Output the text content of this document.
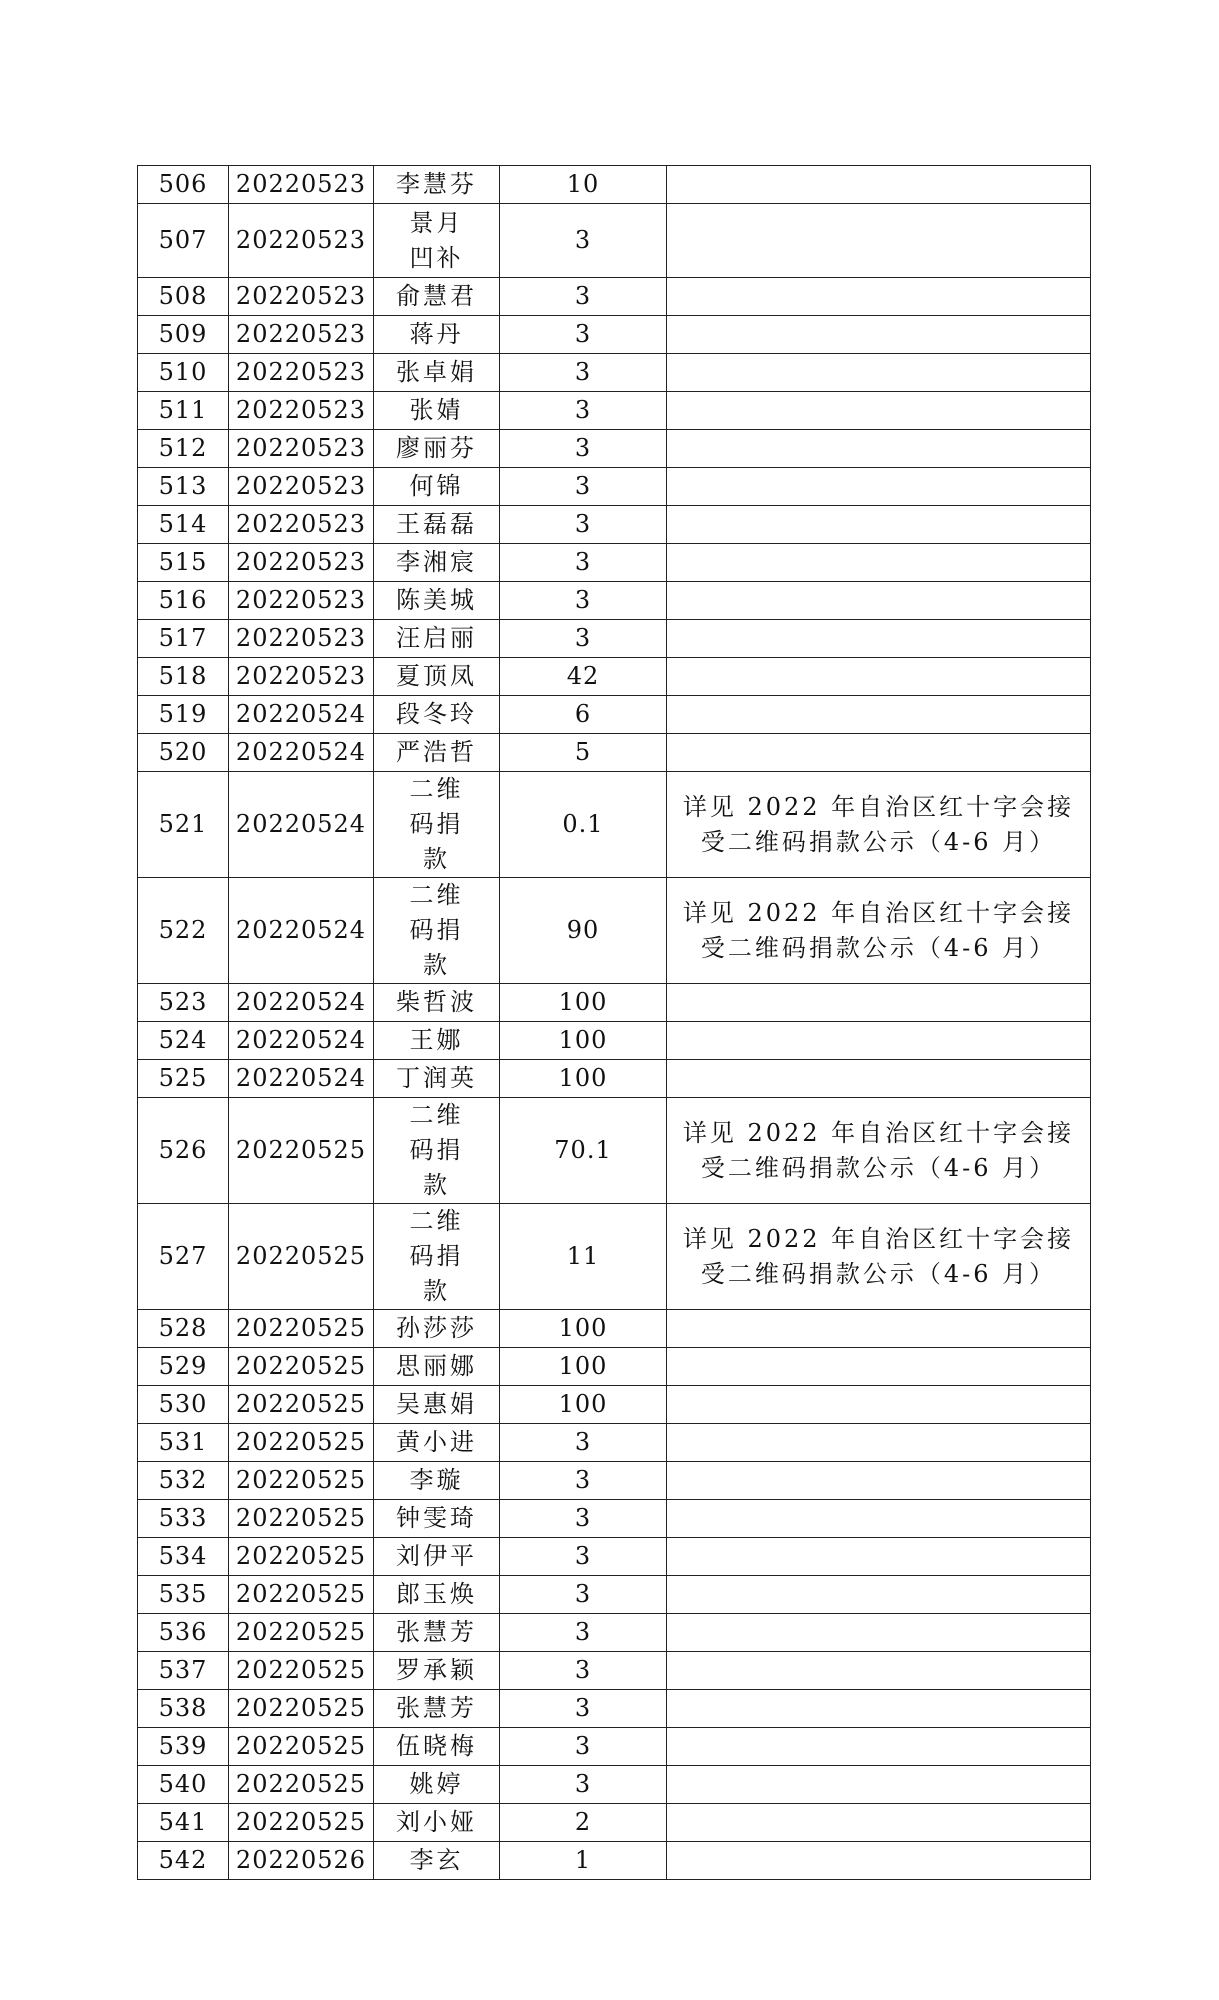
506	20220523	李慧芬	10	
507	20220523	景月凹补	3	
508	20220523	俞慧君	3	
509	20220523	蒋丹	3	
510	20220523	张卓娟	3	
511	20220523	张婧	3	
512	20220523	廖丽芬	3	
513	20220523	何锦	3	
514	20220523	王磊磊	3	
515	20220523	李湘宸	3	
516	20220523	陈美城	3	
517	20220523	汪启丽	3	
518	20220523	夏顶凤	42	
519	20220524	段冬玲	6	
520	20220524	严浩哲	5	
521	20220524	二维码捐款	0.1	详见 2022 年自治区红十字会接受二维码捐款公示（4-6 月）
522	20220524	二维码捐款	90	详见 2022 年自治区红十字会接受二维码捐款公示（4-6 月）
523	20220524	柴哲波	100	
524	20220524	王娜	100	
525	20220524	丁润英	100	
526	20220525	二维码捐款	70.1	详见 2022 年自治区红十字会接受二维码捐款公示（4-6 月）
527	20220525	二维码捐款	11	详见 2022 年自治区红十字会接受二维码捐款公示（4-6 月）
528	20220525	孙莎莎	100	
529	20220525	思丽娜	100	
530	20220525	吴惠娟	100	
531	20220525	黄小进	3	
532	20220525	李璇	3	
533	20220525	钟雯琦	3	
534	20220525	刘伊平	3	
535	20220525	郎玉焕	3	
536	20220525	张慧芳	3	
537	20220525	罗承颖	3	
538	20220525	张慧芳	3	
539	20220525	伍晓梅	3	
540	20220525	姚婷	3	
541	20220525	刘小娅	2	
542	20220526	李玄	1	
